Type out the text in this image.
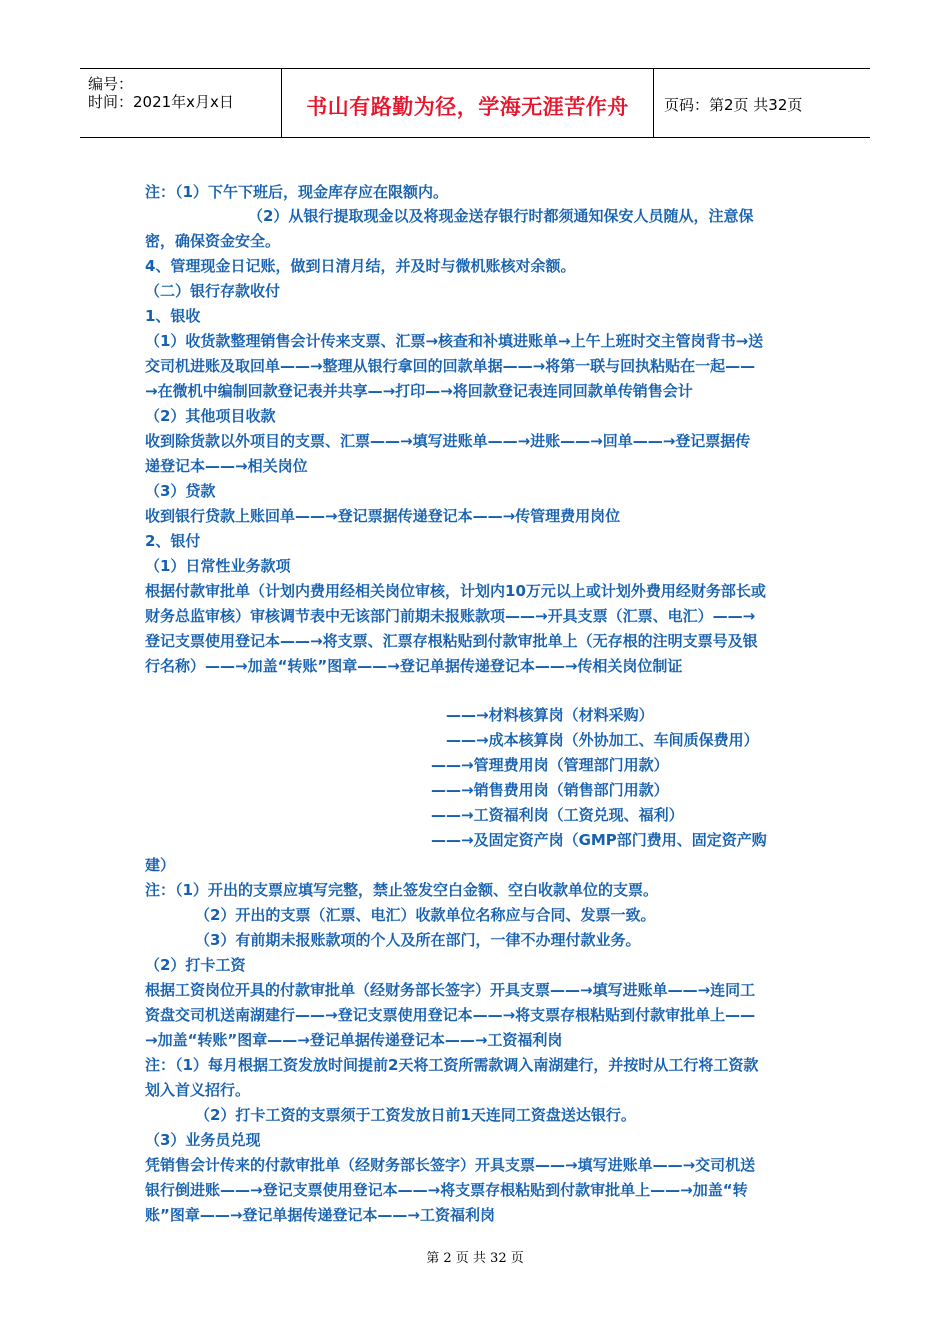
编号：
时间：2021年x月x日	书山有路勤为径，学海无涯苦作舟	页码：第2页 共32页
注：（1）下午下班后，现金库存应在限额内。
（2）从银行提取现金以及将现金送存银行时都须通知保安人员随从，注意保
密，确保资金安全。
4、管理现金日记账，做到日清月结，并及时与微机账核对余额。
（二）银行存款收付
1、银收
（1）收货款整理销售会计传来支票、汇票→核查和补填进账单→上午上班时交主管岗背书→送
交司机进账及取回单——→整理从银行拿回的回款单据——→将第一联与回执粘贴在一起——
→在微机中编制回款登记表并共享—→打印—→将回款登记表连同回款单传销售会计
（2）其他项目收款
收到除货款以外项目的支票、汇票——→填写进账单——→进账——→回单——→登记票据传
递登记本——→相关岗位
（3）贷款
收到银行贷款上账回单——→登记票据传递登记本——→传管理费用岗位
2、银付
（1）日常性业务款项
根据付款审批单（计划内费用经相关岗位审核，计划内10万元以上或计划外费用经财务部长或
财务总监审核）审核调节表中无该部门前期未报账款项——→开具支票（汇票、电汇）——→
登记支票使用登记本——→将支票、汇票存根粘贴到付款审批单上（无存根的注明支票号及银
行名称）——→加盖“转账”图章——→登记单据传递登记本——→传相关岗位制证
——→材料核算岗（材料采购）
——→成本核算岗（外协加工、车间质保费用）
——→管理费用岗（管理部门用款）
——→销售费用岗（销售部门用款）
——→工资福利岗（工资兑现、福利）
——→及固定资产岗（GMP部门费用、固定资产购
建）
注：（1）开出的支票应填写完整，禁止签发空白金额、空白收款单位的支票。
（2）开出的支票（汇票、电汇）收款单位名称应与合同、发票一致。
（3）有前期未报账款项的个人及所在部门，一律不办理付款业务。
（2）打卡工资
根据工资岗位开具的付款审批单（经财务部长签字）开具支票——→填写进账单——→连同工
资盘交司机送南湖建行——→登记支票使用登记本——→将支票存根粘贴到付款审批单上——
→加盖“转账”图章——→登记单据传递登记本——→工资福利岗
注：（1）每月根据工资发放时间提前2天将工资所需款调入南湖建行，并按时从工行将工资款
划入首义招行。
（2）打卡工资的支票须于工资发放日前1天连同工资盘送达银行。
（3）业务员兑现
凭销售会计传来的付款审批单（经财务部长签字）开具支票——→填写进账单——→交司机送
银行倒进账——→登记支票使用登记本——→将支票存根粘贴到付款审批单上——→加盖“转
账”图章——→登记单据传递登记本——→工资福利岗
第 2 页 共 32 页
